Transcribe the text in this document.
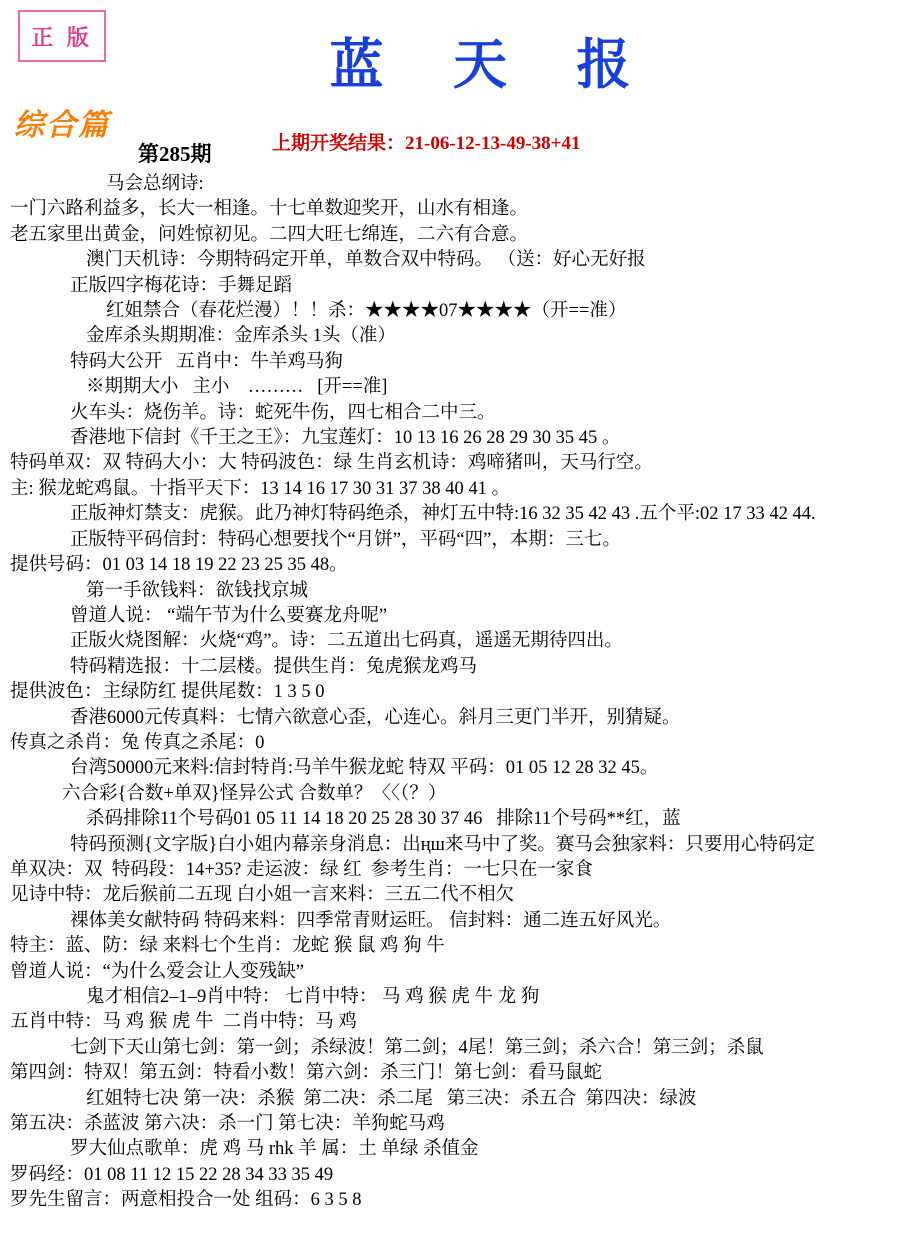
正 版	蓝 天 报
综合篇
第285期	上期开奖结果：21-06-12-13-49-38+41
马会总纲诗:
一门六路利益多，长大一相逢。十七单数迎奖开，山水有相逢。
老五家里出黄金，问姓惊初见。二四大旺七绵连，二六有合意。
澳门天机诗：今期特码定开单，单数合双中特码。 （送：好心无好报
正版四字梅花诗：手舞足蹈
红姐禁合（春花烂漫）！！杀：★★★★07★★★★（开==准）
金库杀头期期准：金库杀头 1头（准）
特码大公开   五肖中：牛羊鸡马狗
※期期大小   主小    ………   [开==准]
火车头：烧伤羊。诗：蛇死牛伤，四七相合二中三。
香港地下信封《千王之王》：九宝莲灯：10 13 16 26 28 29 30 35 45 。
特码单双：双 特码大小：大 特码波色：绿 生肖玄机诗：鸡啼猪叫，天马行空。
主: 猴龙蛇鸡鼠。十指平天下：13 14 16 17 30 31 37 38 40 41 。
正版神灯禁支：虎猴。此乃神灯特码绝杀，神灯五中特:16 32 35 42 43 .五个平:02 17 33 42 44.
正版特平码信封：特码心想要找个“月饼”，平码“四”，本期：三七。
提供号码：01 03 14 18 19 22 23 25 35 48。
第一手欲钱料：欲钱找京城
曾道人说： “端午节为什么要赛龙舟呢”
正版火烧图解：火烧“鸡”。诗：二五道出七码真，遥遥无期待四出。
特码精选报：十二层楼。提供生肖：兔虎猴龙鸡马
提供波色：主绿防红 提供尾数：1 3 5 0
香港6000元传真料：七情六欲意心歪，心连心。斜月三更门半开，别猜疑。
传真之杀肖：兔 传真之杀尾：0
台湾50000元来料:信封特肖:马羊牛猴龙蛇 特双 平码：01 05 12 28 32 45。
六合彩{合数+单双}怪异公式 合数单？〈〈（？）
杀码排除11个号码01 05 11 14 18 20 25 28 30 37 46   排除11个号码**红，蓝
特码预测{文字版}白小姐内幕亲身消息：出ңш来马中了奖。赛马会独家料：只要用心特码定
单双决：双  特码段：14+35? 走运波：绿 红  参考生肖：一七只在一家食
见诗中特：龙后猴前二五现 白小姐一言来料：三五二代不相欠
裸体美女献特码 特码来料：四季常青财运旺。 信封料：通二连五好风光。
特主：蓝、防：绿 来料七个生肖：龙蛇 猴 鼠 鸡 狗 牛
曾道人说：“为什么爱会让人变残缺”
鬼才相信2–1–9肖中特： 七肖中特： 马 鸡 猴 虎 牛 龙 狗
五肖中特：马 鸡 猴 虎 牛  二肖中特：马 鸡
七剑下天山第七剑：第一剑；杀绿波！第二剑；4尾！第三剑；杀六合！第三剑；杀鼠
第四剑：特双！第五剑：特看小数！第六剑：杀三门！第七剑：看马鼠蛇
红姐特七决 第一决：杀猴  第二决：杀二尾   第三决：杀五合  第四决：绿波
第五决：杀蓝波 第六决：杀一门 第七决：羊狗蛇马鸡
罗大仙点歌单：虎 鸡 马 rhk 羊 属：土 单绿 杀值金
罗码经：01 08 11 12 15 22 28 34 33 35 49
罗先生留言：两意相投合一处 组码：6 3 5 8
